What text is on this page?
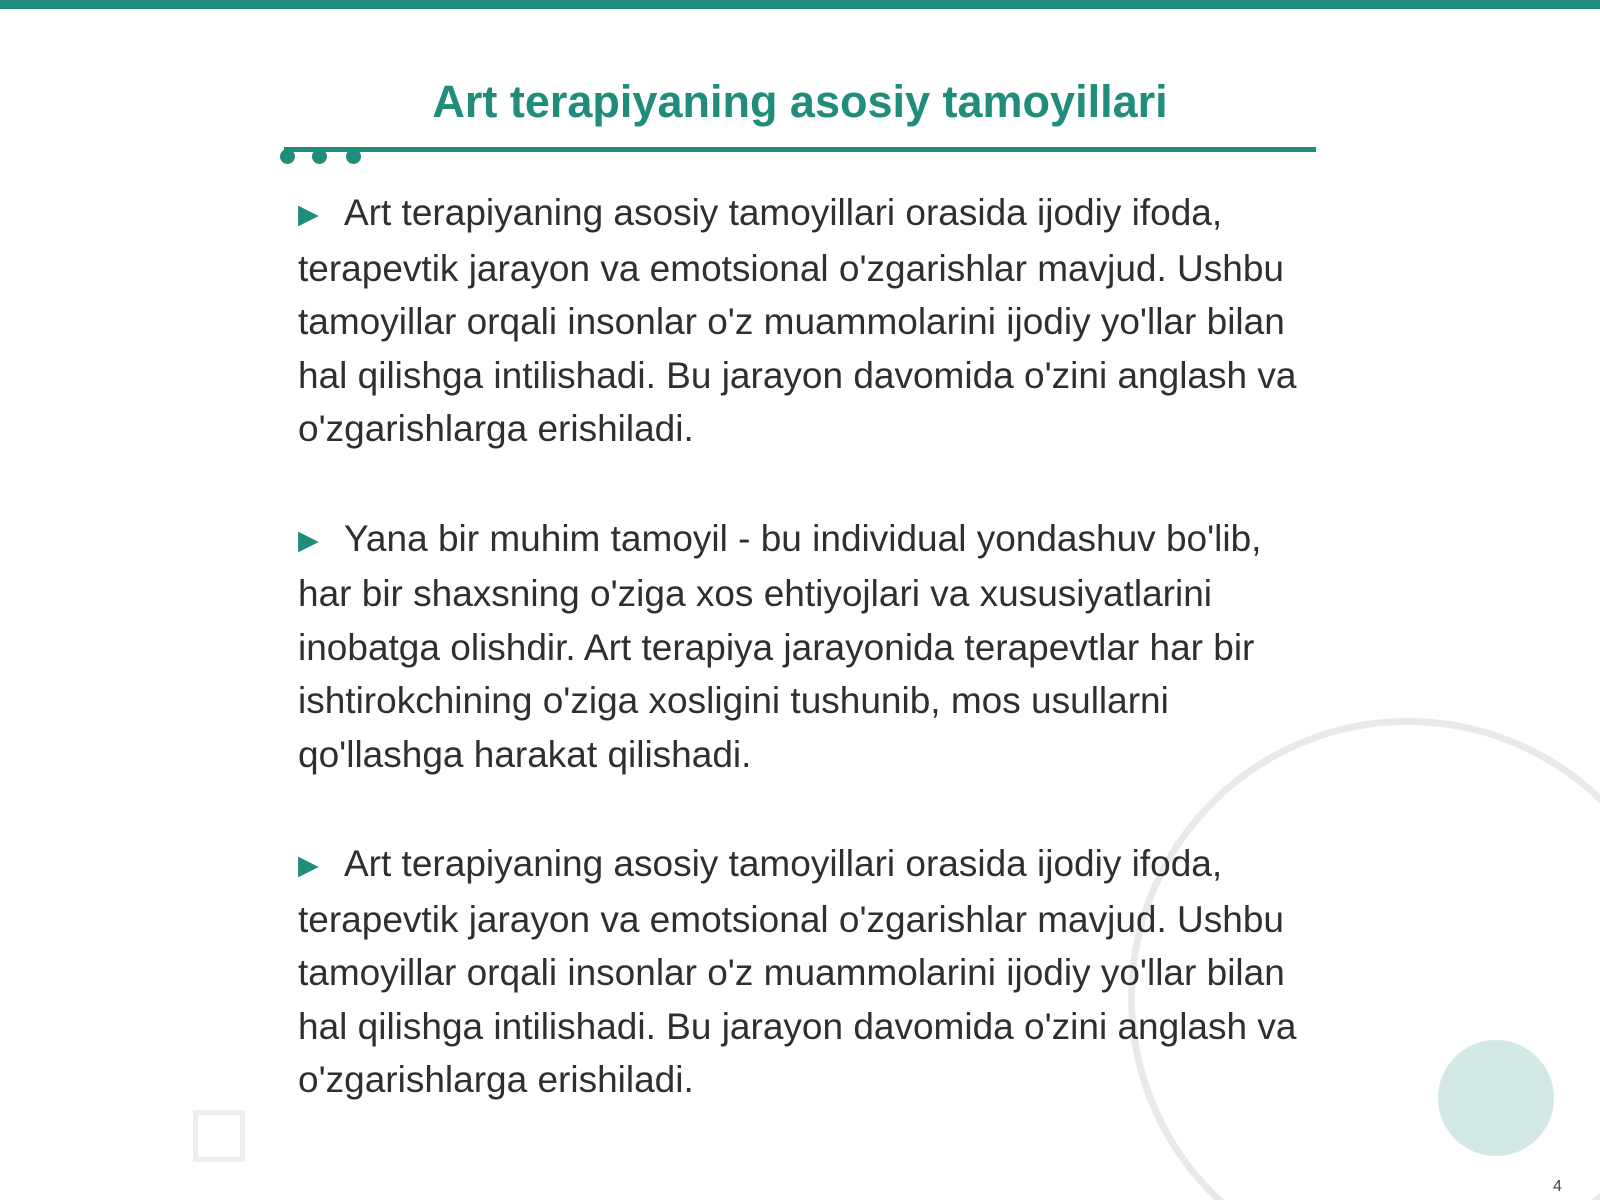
Art terapiyaning asosiy tamoyillari

▶ Art terapiyaning asosiy tamoyillari orasida ijodiy ifoda, terapevtik jarayon va emotsional o'zgarishlar mavjud. Ushbu tamoyillar orqali insonlar o'z muammolarini ijodiy yo'llar bilan hal qilishga intilishadi. Bu jarayon davomida o'zini anglash va o'zgarishlarga erishiladi.

▶ Yana bir muhim tamoyil - bu individual yondashuv bo'lib, har bir shaxsning o'ziga xos ehtiyojlari va xususiyatlarini inobatga olishdir. Art terapiya jarayonida terapevtlar har bir ishtirokchining o'ziga xosligini tushunib, mos usullarni qo'llashga harakat qilishadi.

▶ Art terapiyaning asosiy tamoyillari orasida ijodiy ifoda, terapevtik jarayon va emotsional o'zgarishlar mavjud. Ushbu tamoyillar orqali insonlar o'z muammolarini ijodiy yo'llar bilan hal qilishga intilishadi. Bu jarayon davomida o'zini anglash va o'zgarishlarga erishiladi.

4
